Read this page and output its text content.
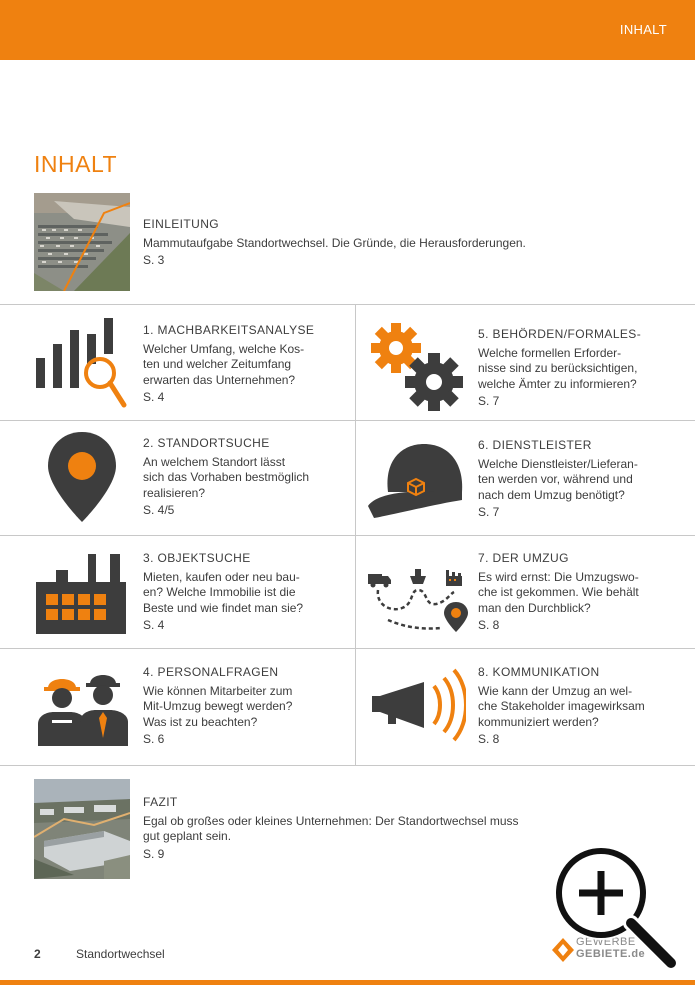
INHALT
INHALT
EINLEITUNG
Mammutaufgabe Standortwechsel. Die Gründe, die Herausforderungen.
S. 3
1. MACHBARKEITSANALYSE
Welcher Umfang, welche Kos-
ten und welcher Zeitumfang
erwarten das Unternehmen?
S. 4
5. BEHÖRDEN/FORMALES-
Welche formellen Erforder-
nisse sind zu berücksichtigen,
welche Ämter zu informieren?
S. 7
2. STANDORTSUCHE
An welchem Standort lässt
sich das Vorhaben bestmöglich
realisieren?
S. 4/5
6. DIENSTLEISTER
Welche Dienstleister/Lieferan-
ten werden vor, während und
nach dem Umzug benötigt?
S. 7
3. OBJEKTSUCHE
Mieten, kaufen oder neu bau-
en? Welche Immobilie ist die
Beste und wie findet man sie?
S. 4
7. DER UMZUG
Es wird ernst: Die Umzugswo-
che ist gekommen. Wie behält
man den Durchblick?
S. 8
4. PERSONALFRAGEN
Wie können Mitarbeiter zum
Mit-Umzug bewegt werden?
Was ist zu beachten?
S. 6
8. KOMMUNIKATION
Wie kann der Umzug an wel-
che Stakeholder imagewirksam
kommuniziert werden?
S. 8
FAZIT
Egal ob großes oder kleines Unternehmen: Der Standortwechsel muss
gut geplant sein.
S. 9
2	Standortwechsel
GEWERBE
GEBIETE.de
